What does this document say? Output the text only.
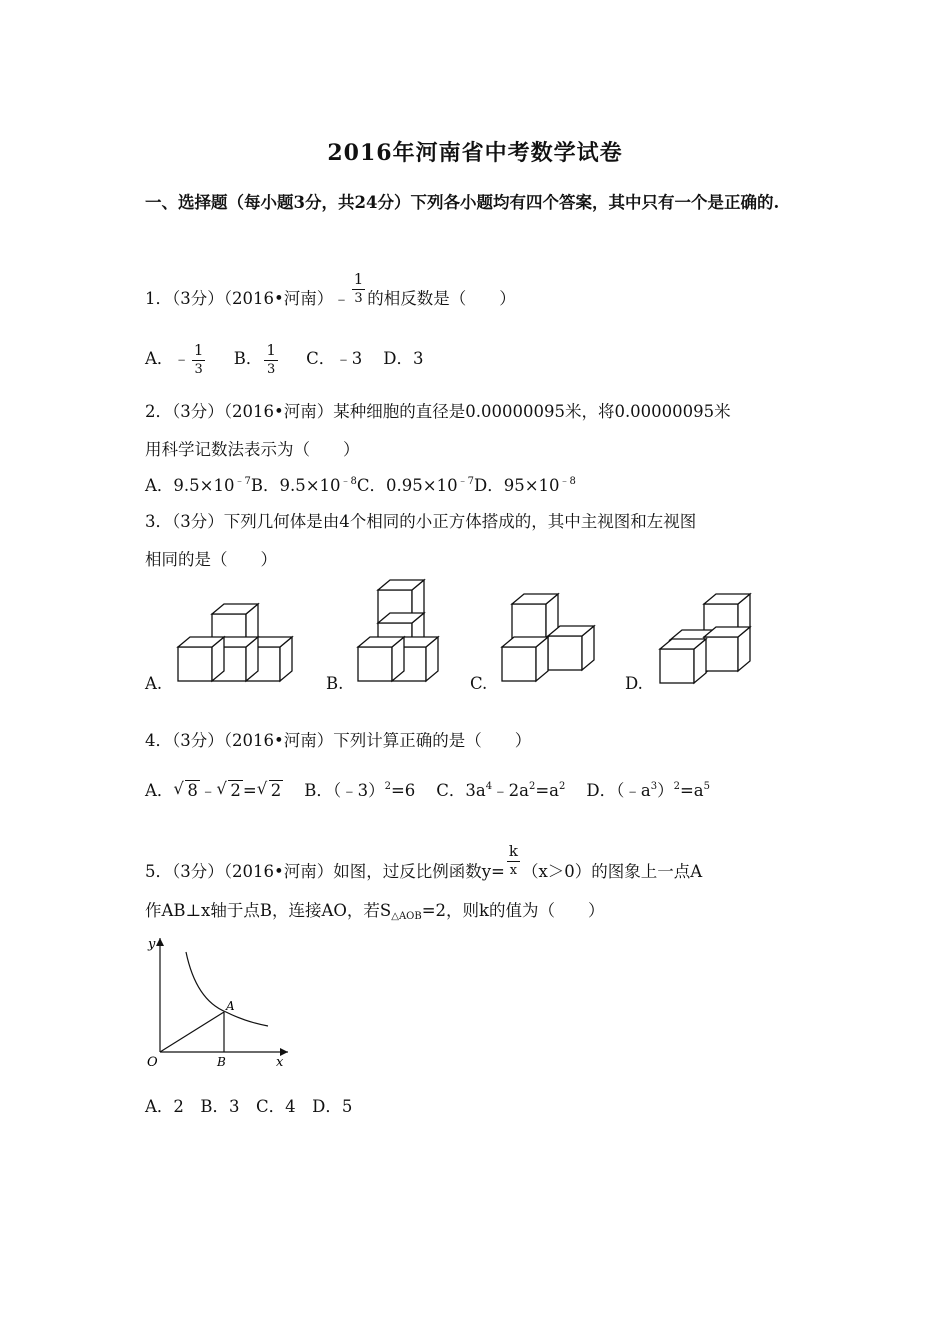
2016年河南省中考数学试卷
一、选择题（每小题3分，共24分）下列各小题均有四个答案，其中只有一个是正确的.
1．（3分）（2016•河南）﹣ $\frac{1}{3}$ 的相反数是（　　）
A．﹣ $\frac{1}{3}$ B． $\frac{1}{3}$ C．﹣3 D．3
2．（3分）（2016•河南）某种细胞的直径是0.00000095米，将0.00000095米
用科学记数法表示为（　　）
A．$9.5\times 10^{﹣7}B$．$9.5\times 10^{﹣8}C$．$0.95\times 10^{﹣7}D$．$95\times 10^{﹣8}$
3．（3分）下列几何体是由4个相同的小正方体搭成的，其中主视图和左视图
相同的是（　　）
A.	B.	C.	D.
4．（3分）（2016•河南）下列计算正确的是（　　）
A． √ 8 ﹣ √ 2 = √ 2 B．（﹣3）$^2$=6 C．$3a^4﹣2a^2=a^2$ D．$(﹣a^3)^2=a^5$
5．（3分）（2016•河南）如图，过反比例函数$y= \frac{k}{x} (x>0)$的图象上一点A
作AB⊥x轴于点B，连接AO，若$S_{\triangle AOB}=2$，则k的值为（　　）
y
x
O
A
B
A．2　B．3　C．4　D．5
